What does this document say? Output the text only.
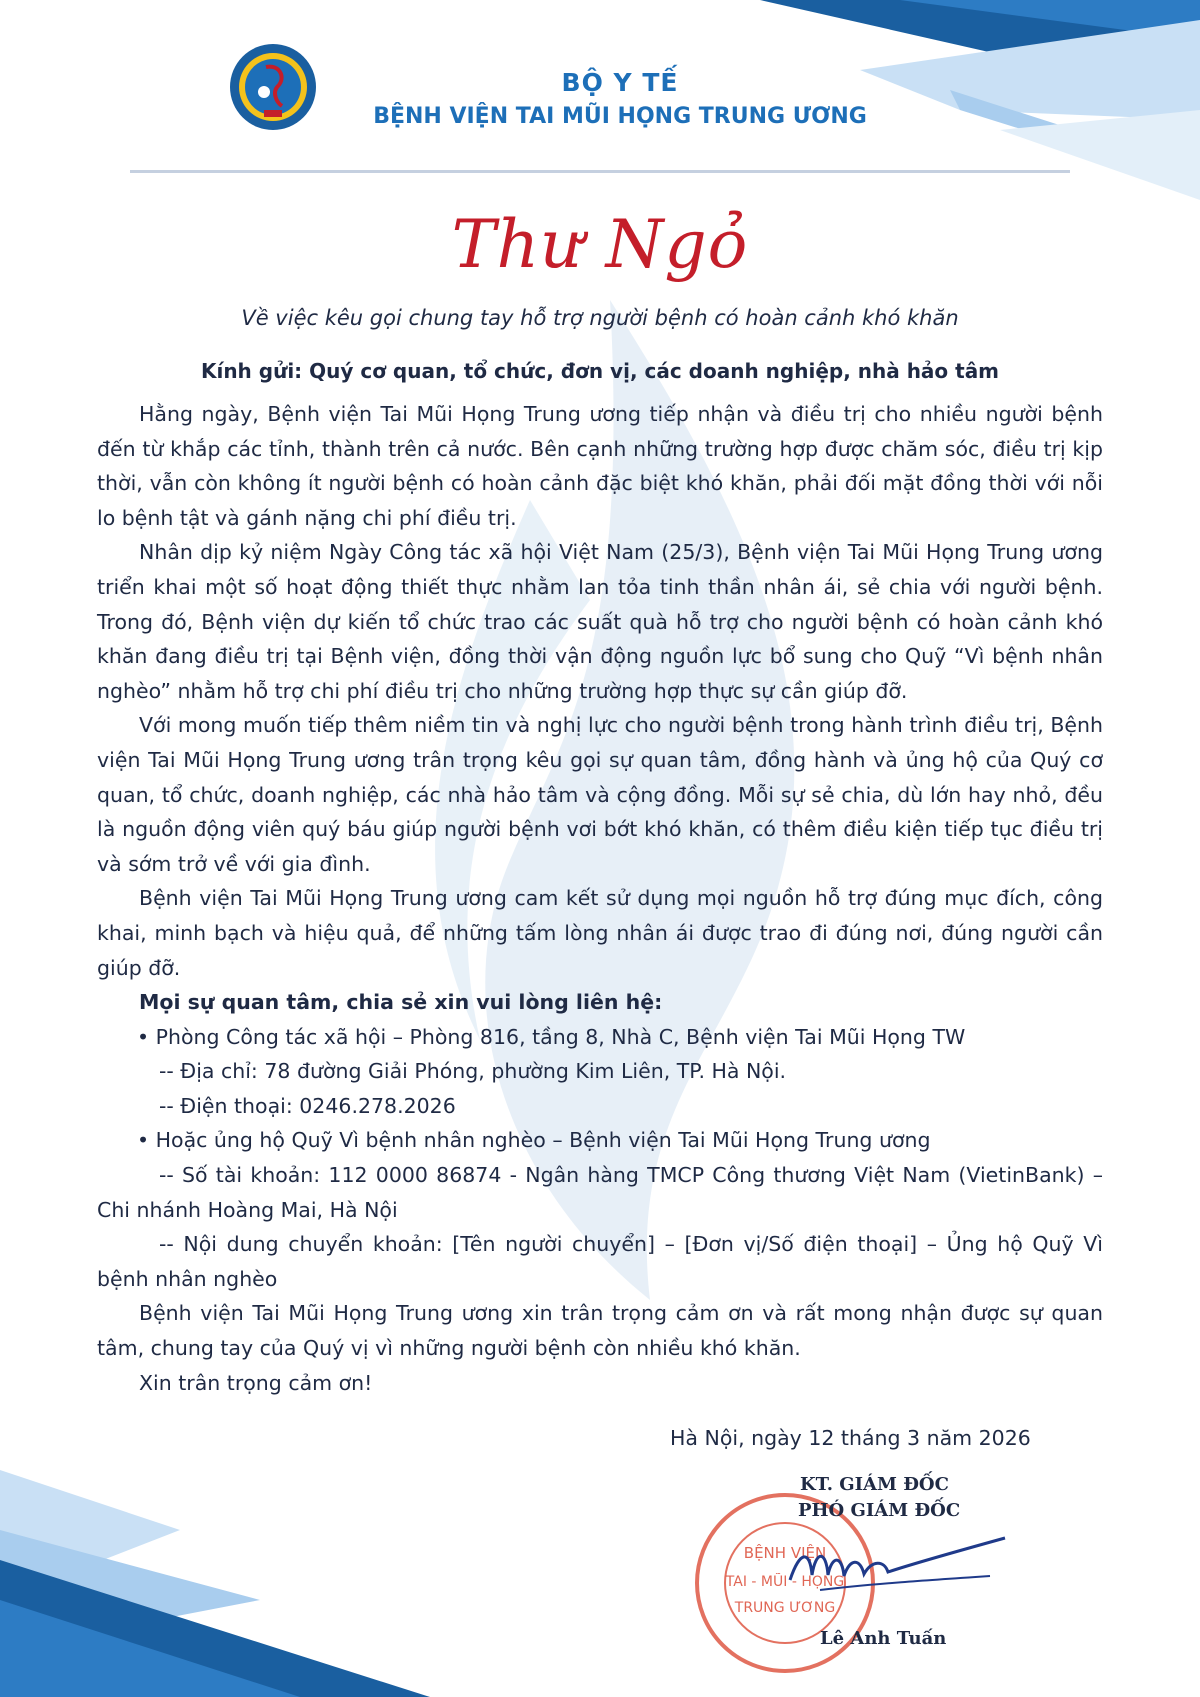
BỘ Y TẾ
BỆNH VIỆN TAI MŨI HỌNG TRUNG ƯƠNG
Thư Ngỏ
Về việc kêu gọi chung tay hỗ trợ người bệnh có hoàn cảnh khó khăn
Kính gửi: Quý cơ quan, tổ chức, đơn vị, các doanh nghiệp, nhà hảo tâm

Hằng ngày, Bệnh viện Tai Mũi Họng Trung ương tiếp nhận và điều trị cho nhiều người bệnh đến từ khắp các tỉnh, thành trên cả nước. Bên cạnh những trường hợp được chăm sóc, điều trị kịp thời, vẫn còn không ít người bệnh có hoàn cảnh đặc biệt khó khăn, phải đối mặt đồng thời với nỗi lo bệnh tật và gánh nặng chi phí điều trị.

Nhân dịp kỷ niệm Ngày Công tác xã hội Việt Nam (25/3), Bệnh viện Tai Mũi Họng Trung ương triển khai một số hoạt động thiết thực nhằm lan tỏa tinh thần nhân ái, sẻ chia với người bệnh. Trong đó, Bệnh viện dự kiến tổ chức trao các suất quà hỗ trợ cho người bệnh có hoàn cảnh khó khăn đang điều trị tại Bệnh viện, đồng thời vận động nguồn lực bổ sung cho Quỹ “Vì bệnh nhân nghèo” nhằm hỗ trợ chi phí điều trị cho những trường hợp thực sự cần giúp đỡ.

Với mong muốn tiếp thêm niềm tin và nghị lực cho người bệnh trong hành trình điều trị, Bệnh viện Tai Mũi Họng Trung ương trân trọng kêu gọi sự quan tâm, đồng hành và ủng hộ của Quý cơ quan, tổ chức, doanh nghiệp, các nhà hảo tâm và cộng đồng. Mỗi sự sẻ chia, dù lớn hay nhỏ, đều là nguồn động viên quý báu giúp người bệnh vơi bớt khó khăn, có thêm điều kiện tiếp tục điều trị và sớm trở về với gia đình.

Bệnh viện Tai Mũi Họng Trung ương cam kết sử dụng mọi nguồn hỗ trợ đúng mục đích, công khai, minh bạch và hiệu quả, để những tấm lòng nhân ái được trao đi đúng nơi, đúng người cần giúp đỡ.

Mọi sự quan tâm, chia sẻ xin vui lòng liên hệ:

• Phòng Công tác xã hội – Phòng 816, tầng 8, Nhà C, Bệnh viện Tai Mũi Họng TW

-- Địa chỉ: 78 đường Giải Phóng, phường Kim Liên, TP. Hà Nội.

-- Điện thoại: 0246.278.2026

• Hoặc ủng hộ Quỹ Vì bệnh nhân nghèo – Bệnh viện Tai Mũi Họng Trung ương

-- Số tài khoản: 112 0000 86874 - Ngân hàng TMCP Công thương Việt Nam (VietinBank) – Chi nhánh Hoàng Mai, Hà Nội

-- Nội dung chuyển khoản: [Tên người chuyển] – [Đơn vị/Số điện thoại] – Ủng hộ Quỹ Vì bệnh nhân nghèo

Bệnh viện Tai Mũi Họng Trung ương xin trân trọng cảm ơn và rất mong nhận được sự quan tâm, chung tay của Quý vị vì những người bệnh còn nhiều khó khăn.

Xin trân trọng cảm ơn!

Hà Nội, ngày 12 tháng 3 năm 2026
BỆNH VIỆN
TAI - MŨI - HỌNG
TRUNG ƯƠNG
KT. GIÁM ĐỐC
PHÓ GIÁM ĐỐC
Lê Anh Tuấn
